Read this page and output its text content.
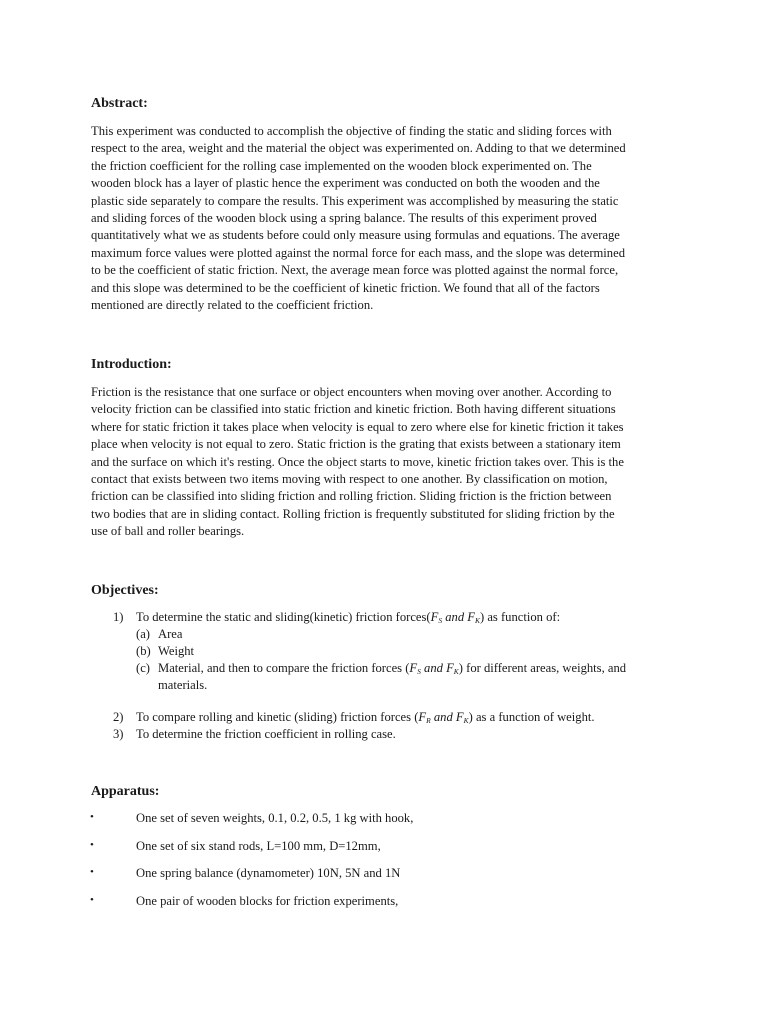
Abstract:
This experiment was conducted to accomplish the objective of finding the static and sliding forces with
respect to the area, weight and the material the object was experimented on. Adding to that we determined
the friction coefficient for the rolling case implemented on the wooden block experimented on. The
wooden block has a layer of plastic hence the experiment was conducted on both the wooden and the
plastic side separately to compare the results. This experiment was accomplished by measuring the static
and sliding forces of the wooden block using a spring balance. The results of this experiment proved
quantitatively what we as students before could only measure using formulas and equations. The average
maximum force values were plotted against the normal force for each mass, and the slope was determined
to be the coefficient of static friction. Next, the average mean force was plotted against the normal force,
and this slope was determined to be the coefficient of kinetic friction. We found that all of the factors
mentioned are directly related to the coefficient friction.
Introduction:
Friction is the resistance that one surface or object encounters when moving over another. According to
velocity friction can be classified into static friction and kinetic friction. Both having different situations
where for static friction it takes place when velocity is equal to zero where else for kinetic friction it takes
place when velocity is not equal to zero. Static friction is the grating that exists between a stationary item
and the surface on which it's resting. Once the object starts to move, kinetic friction takes over. This is the
contact that exists between two items moving with respect to one another. By classification on motion,
friction can be classified into sliding friction and rolling friction. Sliding friction is the friction between
two bodies that are in sliding contact. Rolling friction is frequently substituted for sliding friction by the
use of ball and roller bearings.
Objectives:
1) To determine the static and sliding(kinetic) friction $forces(F_S$ and $F_K$) as function of:
(a) Area
(b) Weight
(c) Material, and then to compare the friction forces ($F_S$ and $F_K$) for different areas, weights, and
materials.
2) To compare rolling and kinetic (sliding) friction forces ($F_R$ and $F_K$) as a function of weight.
3) To determine the friction coefficient in rolling case.
Apparatus:
•	One set of seven weights, 0.1, 0.2, 0.5, 1 kg with hook,
•	One set of six stand rods, L=100 mm, D=12mm,
•	One spring balance (dynamometer) 10N, 5N and 1N
•	One pair of wooden blocks for friction experiments,
